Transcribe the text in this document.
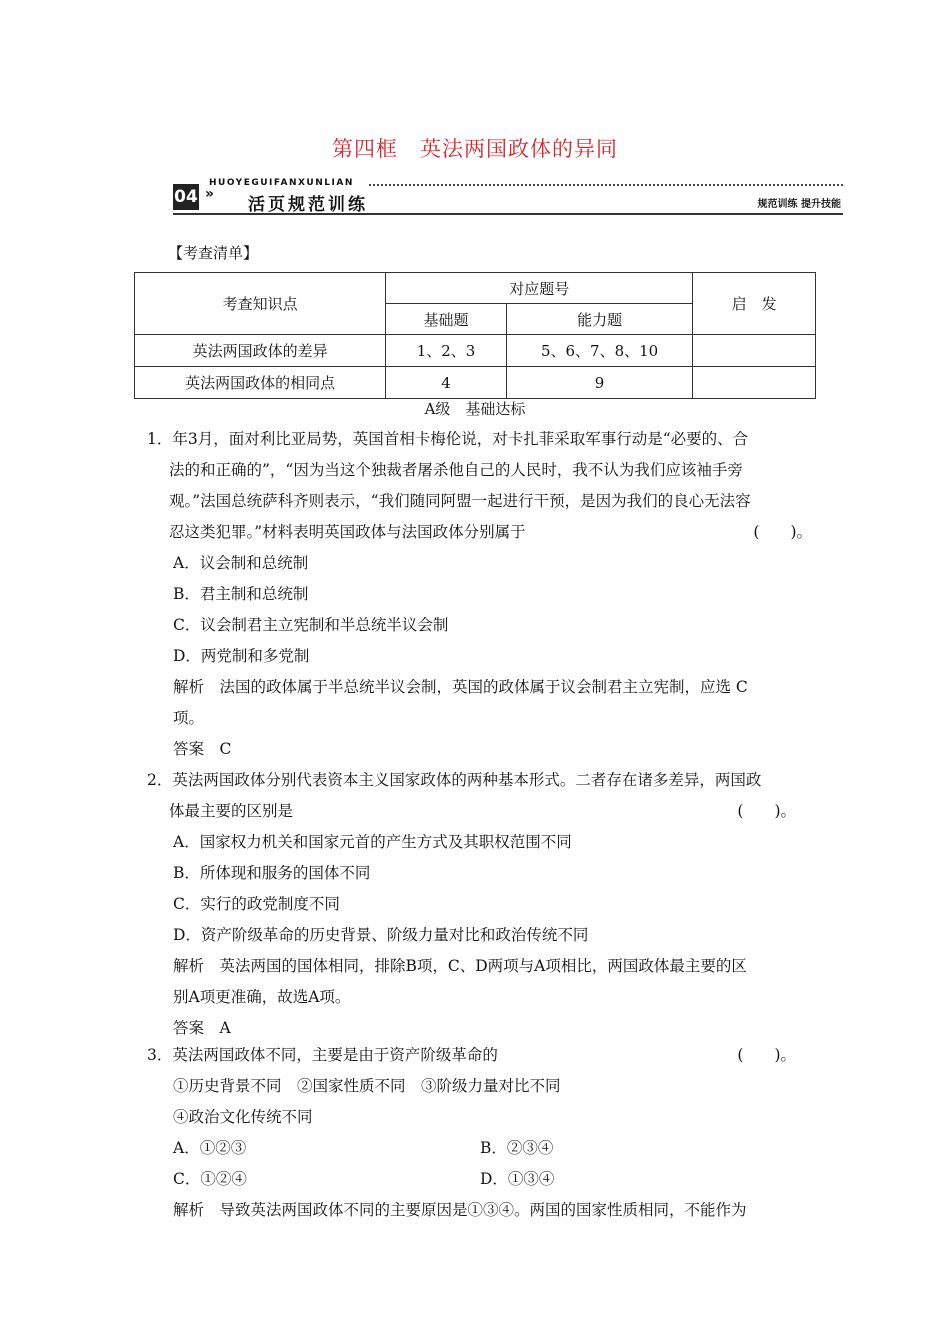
第四框　英法两国政体的异同
04
HUOYEGUIFANXUNLIAN
»
活页规范训练	规范训练 提升技能
【考查清单】
考查知识点	对应题号		启　发
	基础题	能力题	
英法两国政体的差异	1、2、3	5、6、7、8、10	
英法两国政体的相同点	4	9	
A级　基础达标
1．年3月，面对利比亚局势，英国首相卡梅伦说，对卡扎菲采取军事行动是“必要的、合
法的和正确的”，“因为当这个独裁者屠杀他自己的人民时，我不认为我们应该袖手旁
观。”法国总统萨科齐则表示，“我们随同阿盟一起进行干预，是因为我们的良心无法容
忍这类犯罪。”材料表明英国政体与法国政体分别属于	(　　)。
A．议会制和总统制
B．君主制和总统制
C．议会制君主立宪制和半总统半议会制
D．两党制和多党制
解析　法国的政体属于半总统半议会制，英国的政体属于议会制君主立宪制，应选 C
项。
答案　C
2．英法两国政体分别代表资本主义国家政体的两种基本形式。二者存在诸多差异，两国政
体最主要的区别是	(　　)。
A．国家权力机关和国家元首的产生方式及其职权范围不同
B．所体现和服务的国体不同
C．实行的政党制度不同
D．资产阶级革命的历史背景、阶级力量对比和政治传统不同
解析　英法两国的国体相同，排除B项，C、D两项与A项相比，两国政体最主要的区
别A项更准确，故选A项。
答案　A
3．英法两国政体不同，主要是由于资产阶级革命的	(　　)。
①历史背景不同　②国家性质不同　③阶级力量对比不同
④政治文化传统不同
A．①②③	B．②③④
C．①②④	D．①③④
解析　导致英法两国政体不同的主要原因是①③④。两国的国家性质相同，不能作为
